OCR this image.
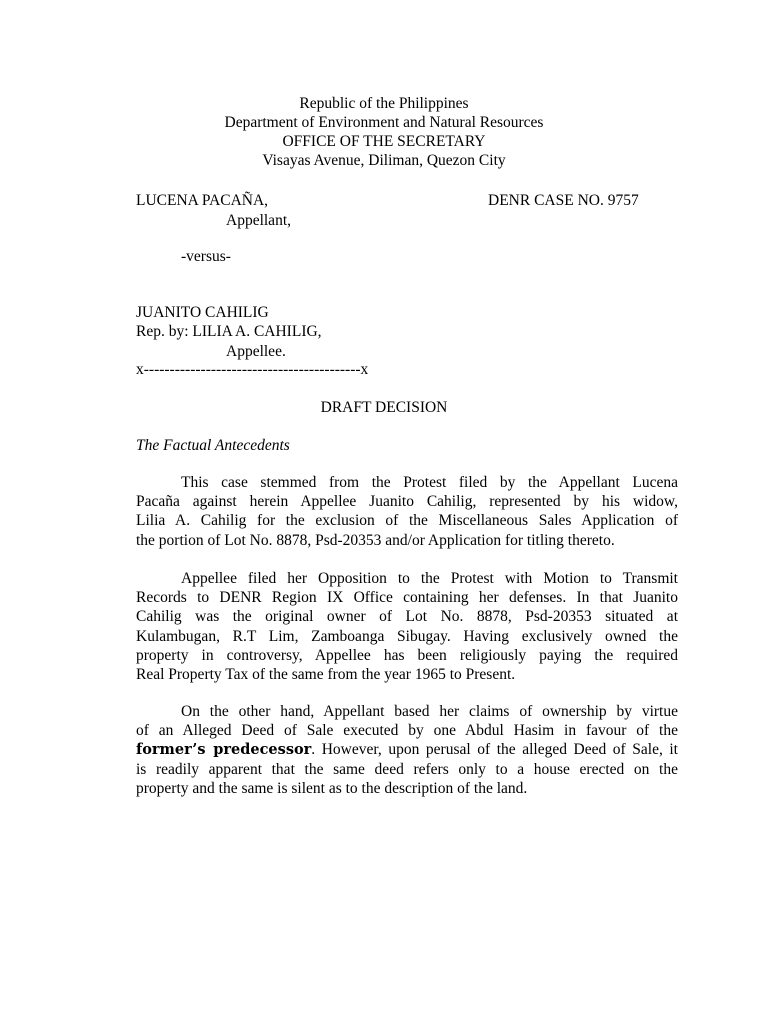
Republic of the Philippines
Department of Environment and Natural Resources
OFFICE OF THE SECRETARY
Visayas Avenue, Diliman, Quezon City
LUCENA PACAÑA,	DENR CASE NO. 9757
Appellant,
-versus-
JUANITO CAHILIG
Rep. by: LILIA A. CAHILIG,
Appellee.
x------------------------------------------x
DRAFT DECISION
The Factual Antecedents
This case stemmed from the Protest filed by the Appellant Lucena
Pacaña against herein Appellee Juanito Cahilig, represented by his widow,
Lilia A. Cahilig for the exclusion of the Miscellaneous Sales Application of
the portion of Lot No. 8878, Psd-20353 and/or Application for titling thereto.
Appellee filed her Opposition to the Protest with Motion to Transmit
Records to DENR Region IX Office containing her defenses. In that Juanito
Cahilig was the original owner of Lot No. 8878, Psd-20353 situated at
Kulambugan, R.T Lim, Zamboanga Sibugay. Having exclusively owned the
property in controversy, Appellee has been religiously paying the required
Real Property Tax of the same from the year 1965 to Present.
On the other hand, Appellant based her claims of ownership by virtue
of an Alleged Deed of Sale executed by one Abdul Hasim in favour of the
former’s predecessor. However, upon perusal of the alleged Deed of Sale, it
is readily apparent that the same deed refers only to a house erected on the
property and the same is silent as to the description of the land.
